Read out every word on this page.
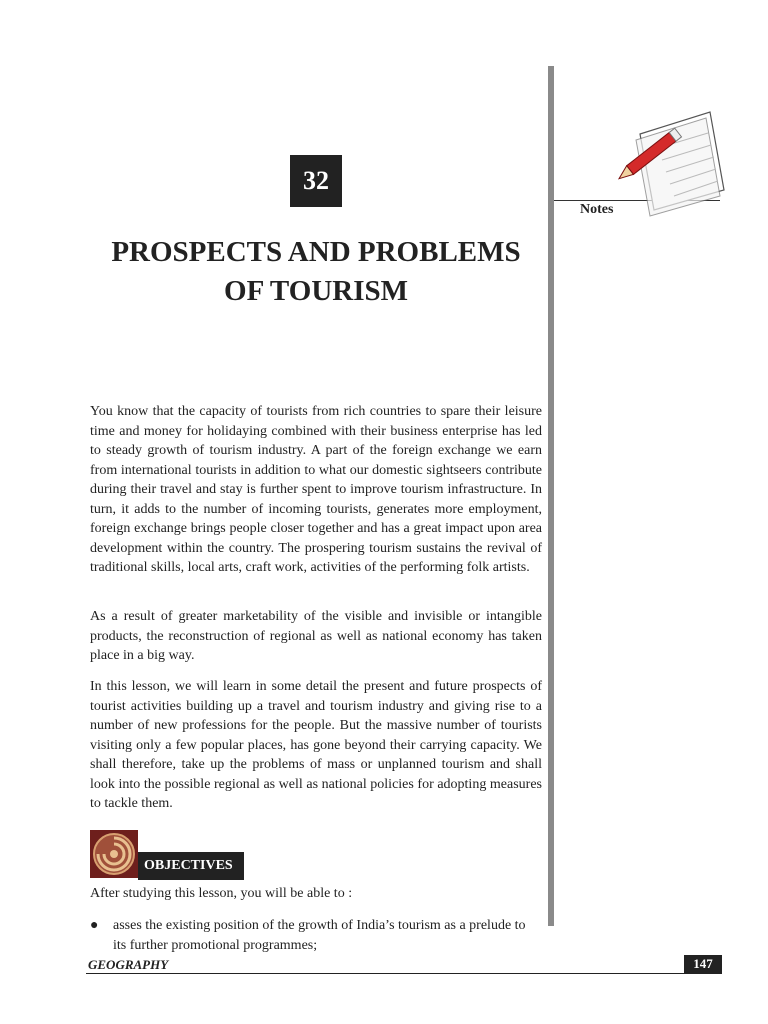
Notes
32
PROSPECTS AND PROBLEMS
OF TOURISM

You know that the capacity of tourists from rich countries to spare their leisure time and money for holidaying combined with their business enterprise has led to steady growth of tourism industry. A part of the foreign exchange we earn from international tourists in addition to what our domestic sightseers contribute during their travel and stay is further spent to improve tourism infrastructure. In turn, it adds to the number of incoming tourists, generates more employment, foreign exchange brings people closer together and has a great impact upon area development within the country. The prospering tourism sustains the revival of traditional skills, local arts, craft work, activities of the performing folk artists.

As a result of greater marketability of the visible and invisible or intangible products, the reconstruction of regional as well as national economy has taken place in a big way.

In this lesson, we will learn in some detail the present and future prospects of tourist activities building up a travel and tourism industry and giving rise to a number of new professions for the people. But the massive number of tourists visiting only a few popular places, has gone beyond their carrying capacity. We shall therefore, take up the problems of mass or unplanned tourism and shall look into the possible regional as well as national policies for adopting measures to tackle them.

OBJECTIVES
After studying this lesson, you will be able to :
● asses the existing position of the growth of India’s tourism as a prelude to its further promotional programmes;
GEOGRAPHY	147
